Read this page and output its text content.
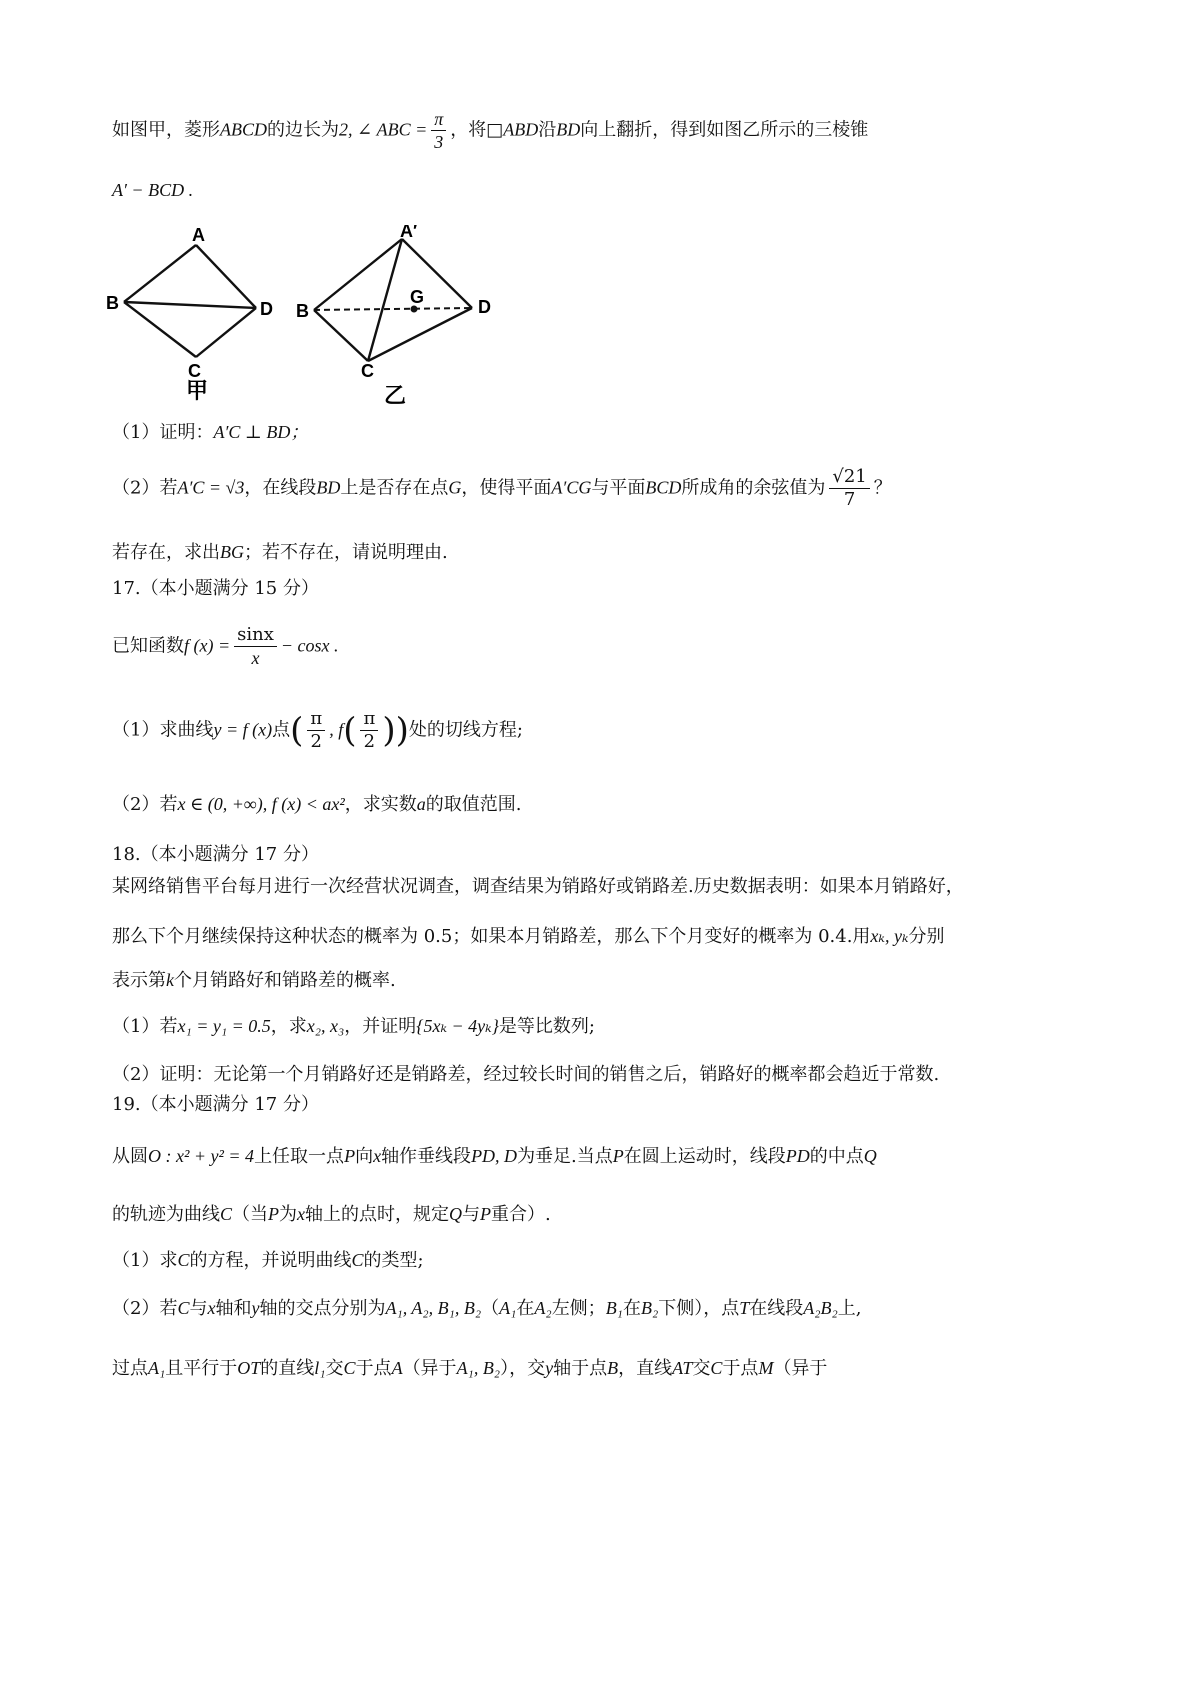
如图甲，菱形ABCD的边长为2, ∠ ABC = $\frac{\pi}{3}$ ，将□ABD沿BD向上翻折，得到如图乙所示的三棱锥
A′ − BCD .
A
B	D
C
甲
A′
B	D
G
C
乙
（1）证明：A′C ⊥ BD；
（2）若A′C = √3，在线段BD上是否存在点G，使得平面A′CG与平面BCD所成角的余弦值为 $\frac{√21}{7}$ ？
若存在，求出BG；若不存在，请说明理由.
17.（本小题满分 15 分）
已知函数f $(x) = \frac{\sin x}{x} - \cos x$ .
（1）求曲线y = f (x)点( $\frac{\pi}{2}$ , $f( \frac{\pi}{2}$ ))处的切线方程;
（2）若x ∈ (0, +∞), f (x) < ax²，求实数a的取值范围.
18.（本小题满分 17 分）
某网络销售平台每月进行一次经营状况调查，调查结果为销路好或销路差.历史数据表明：如果本月销路好，
那么下个月继续保持这种状态的概率为 0.5；如果本月销路差，那么下个月变好的概率为 0.4.用xₖ, yₖ分别
表示第k个月销路好和销路差的概率.
（1）若x₁ = y₁ = 0.5，求x₂, x₃，并证明{5xₖ − 4yₖ}是等比数列;
（2）证明：无论第一个月销路好还是销路差，经过较长时间的销售之后，销路好的概率都会趋近于常数.
19.（本小题满分 17 分）
从圆O : x² + y² = 4上任取一点P向x轴作垂线段PD, D为垂足.当点P在圆上运动时，线段PD的中点Q
的轨迹为曲线C（当P为x轴上的点时，规定Q与P重合）.
（1）求C的方程，并说明曲线C的类型;
（2）若C与x轴和y轴的交点分别为A₁, A₂, B₁, B₂（A₁在A₂左侧；B₁在B₂下侧），点T在线段A₂B₂上,
过点A₁且平行于OT的直线l₁交C于点A（异于A₁, B₂），交y轴于点B，直线AT交C于点M（异于
